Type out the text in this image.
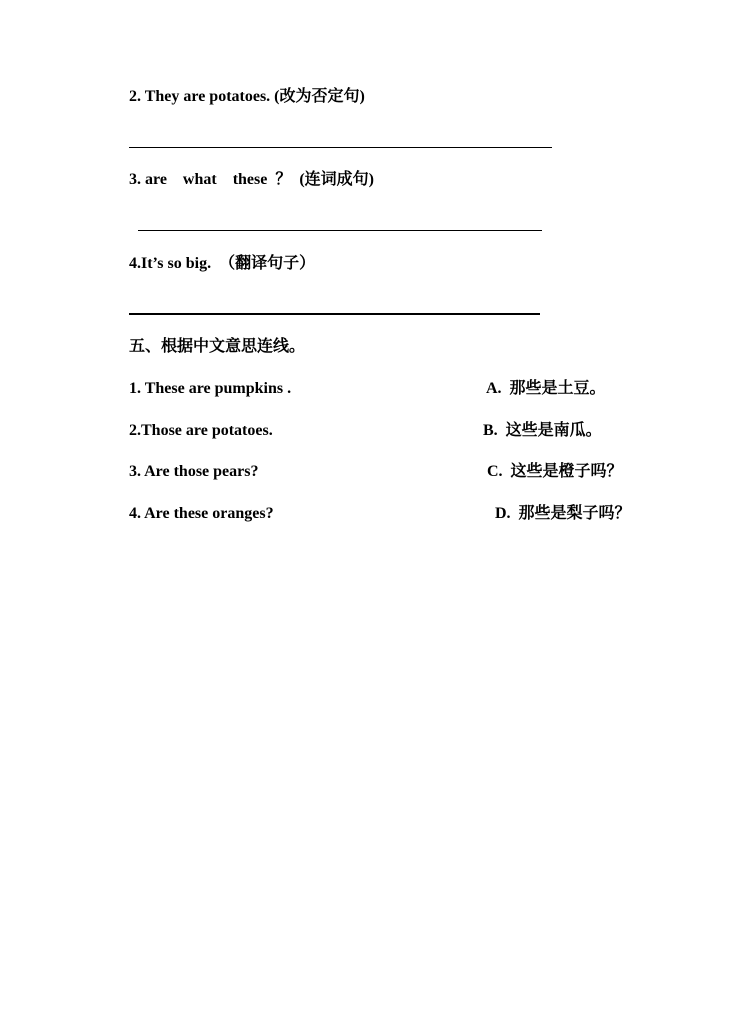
2. They are potatoes. (改为否定句)
3. are    what    these  ？  (连词成句)
4.It’s so big.  （翻译句子）
五、根据中文意思连线。
1. These are pumpkins .	A.  那些是土豆。
2.Those are potatoes.	B.  这些是南瓜。
3. Are those pears?	C.  这些是橙子吗？
4. Are these oranges?	D.  那些是梨子吗？
